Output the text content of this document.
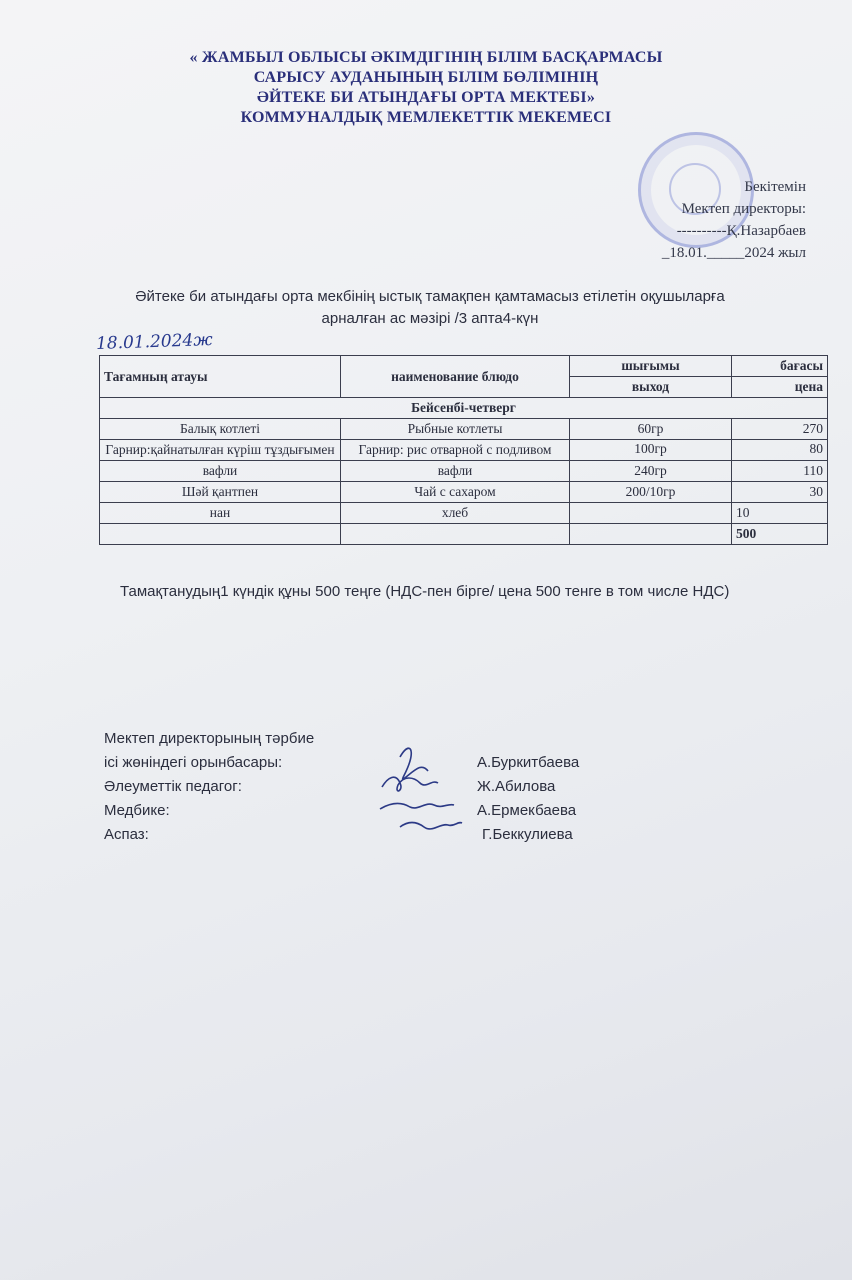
« ЖАМБЫЛ ОБЛЫСЫ ӘКІМДІГІНІҢ БІЛІМ БАСҚАРМАСЫ
САРЫСУ АУДАНЫНЫҢ БІЛІМ БӨЛІМІНІҢ
ӘЙТЕКЕ БИ АТЫНДАҒЫ ОРТА МЕКТЕБІ»
КОММУНАЛДЫҚ МЕМЛЕКЕТТІК МЕКЕМЕСІ
Бекітемін
Мектеп директоры:
----------Қ.Назарбаев
_18.01._____2024 жыл
Әйтеке би атындағы орта мекбінің ыстық тамақпен қамтамасыз етілетін оқушыларға
арналған ас мәзірі /3 апта4-күн
18.01.2024ж
Тағамның атауы	наименование блюдо	шығымы	бағасы
		выход	цена
Бейсенбі-четверг			
Балық котлеті	Рыбные котлеты	60гр	270
Гарнир:қайнатылған күріш тұздығымен	Гарнир: рис отварной с подливом	100гр	80
вафли	вафли	240гр	110
Шәй қантпен	Чай с сахаром	200/10гр	30
нан	хлеб		10
			500
Тамақтанудың1 күндік құны 500 теңге (НДС-пен бірге/ цена 500 тенге в том числе НДС)
Мектеп директорының тәрбие
ісі жөніндегі орынбасары:	А.Буркитбаева
Әлеуметтік педагог:	Ж.Абилова
Медбике:	А.Ермекбаева
Аспаз:	Г.Беккулиева
